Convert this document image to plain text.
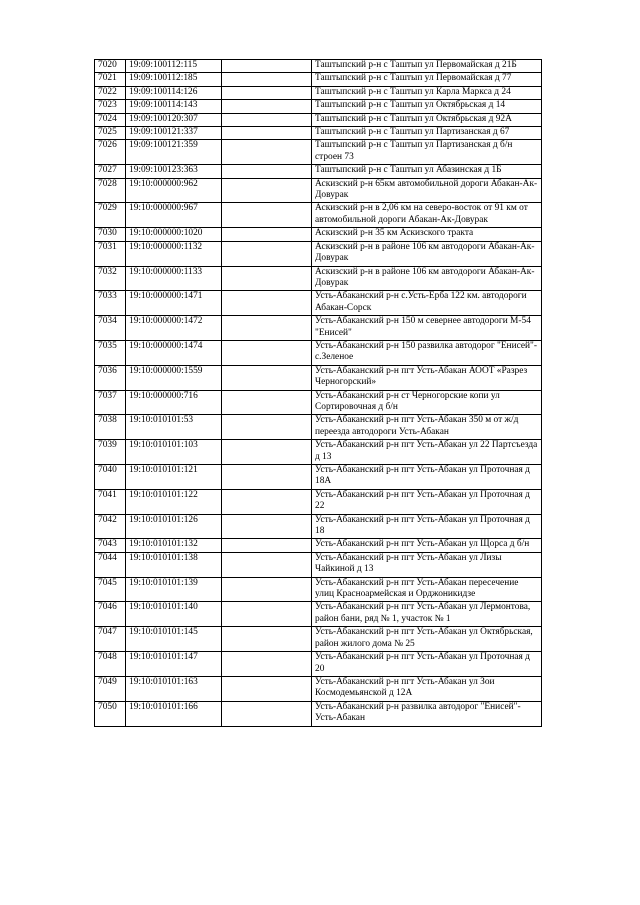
7020	19:09:100112:115		Таштыпский р-н с Таштып ул Первомайская д 21Б
7021	19:09:100112:185		Таштыпский р-н с Таштып ул Первомайская д 77
7022	19:09:100114:126		Таштыпский р-н с Таштып ул Карла Маркса д 24
7023	19:09:100114:143		Таштыпский р-н с Таштып ул Октябрьская д 14
7024	19:09:100120:307		Таштыпский р-н с Таштып ул Октябрьская д 92А
7025	19:09:100121:337		Таштыпский р-н с Таштып ул Партизанская д 67
7026	19:09:100121:359		Таштыпский р-н с Таштып ул Партизанская д б/н строен 73
7027	19:09:100123:363		Таштыпский р-н с Таштып ул Абазинская д 1Б
7028	19:10:000000:962		Аскизский р-н 65км автомобильной дороги Абакан-Ак-Довурак
7029	19:10:000000:967		Аскизский р-н в 2,06 км на северо-восток от 91 км от автомобильной дороги Абакан-Ак-Довурак
7030	19:10:000000:1020		Аскизский р-н 35 км Аскизского тракта
7031	19:10:000000:1132		Аскизский р-н в районе 106 км автодороги Абакан-Ак-Довурак
7032	19:10:000000:1133		Аскизский р-н в районе 106 км автодороги Абакан-Ак-Довурак
7033	19:10:000000:1471		Усть-Абаканский р-н с.Усть-Ерба 122 км. автодороги Абакан-Сорск
7034	19:10:000000:1472		Усть-Абаканский р-н 150 м севернее автодороги М-54 "Енисей"
7035	19:10:000000:1474		Усть-Абаканский р-н 150 развилка автодорог "Енисей"-с.Зеленое
7036	19:10:000000:1559		Усть-Абаканский р-н пгт Усть-Абакан АООТ «Разрез Черногорский»
7037	19:10:000000:716		Усть-Абаканский р-н ст Черногорские копи ул Сортировочная д б/н
7038	19:10:010101:53		Усть-Абаканский р-н пгт Усть-Абакан 350 м от ж/д переезда автодороги Усть-Абакан
7039	19:10:010101:103		Усть-Абаканский р-н пгт Усть-Абакан ул 22 Партсъезда д 13
7040	19:10:010101:121		Усть-Абаканский р-н пгт Усть-Абакан ул Проточная д 18А
7041	19:10:010101:122		Усть-Абаканский р-н пгт Усть-Абакан ул Проточная д 22
7042	19:10:010101:126		Усть-Абаканский р-н пгт Усть-Абакан ул Проточная д 18
7043	19:10:010101:132		Усть-Абаканский р-н пгт Усть-Абакан ул Щорса д б/н
7044	19:10:010101:138		Усть-Абаканский р-н пгт Усть-Абакан ул Лизы Чайкиной д 13
7045	19:10:010101:139		Усть-Абаканский р-н пгт Усть-Абакан пересечение улиц Красноармейская и Орджоникидзе
7046	19:10:010101:140		Усть-Абаканский р-н пгт Усть-Абакан ул Лермонтова, район бани, ряд № 1, участок № 1
7047	19:10:010101:145		Усть-Абаканский р-н пгт Усть-Абакан ул Октябрьская, район жилого дома № 25
7048	19:10:010101:147		Усть-Абаканский р-н пгт Усть-Абакан ул Проточная д 20
7049	19:10:010101:163		Усть-Абаканский р-н пгт Усть-Абакан ул Зои Космодемьянской д 12А
7050	19:10:010101:166		Усть-Абаканский р-н развилка автодорог "Енисей"-Усть-Абакан
